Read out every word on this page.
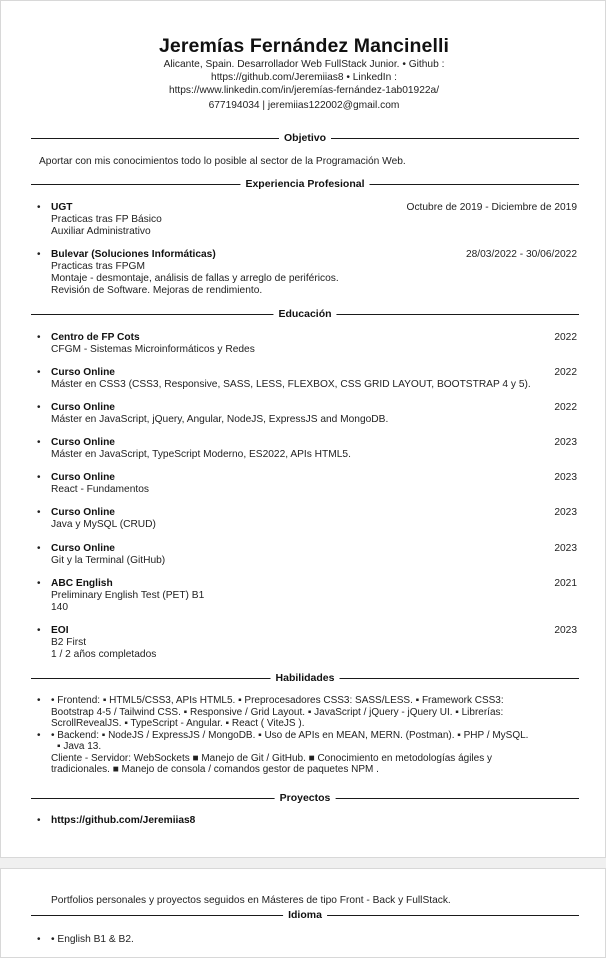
Jeremías Fernández Mancinelli
Alicante, Spain. Desarrollador Web FullStack Junior. • Github :
https://github.com/Jeremiias8 • LinkedIn :
https://www.linkedin.com/in/jeremías-fernández-1ab01922a/
677194034 | jeremiias122002@gmail.com
Objetivo
Aportar con mis conocimientos todo lo posible al sector de la Programación Web.
Experiencia Profesional
• UGT	Octubre de 2019 - Diciembre de 2019
Practicas tras FP Básico
Auxiliar Administrativo
• Bulevar (Soluciones Informáticas)	28/03/2022 - 30/06/2022
Practicas tras FPGM
Montaje - desmontaje, análisis de fallas y arreglo de periféricos.
Revisión de Software. Mejoras de rendimiento.
Educación
• Centro de FP Cots	2022
CFGM - Sistemas Microinformáticos y Redes
• Curso Online	2022
Máster en CSS3 (CSS3, Responsive, SASS, LESS, FLEXBOX, CSS GRID LAYOUT, BOOTSTRAP 4 y 5).
• Curso Online	2022
Máster en JavaScript, jQuery, Angular, NodeJS, ExpressJS and MongoDB.
• Curso Online	2023
Máster en JavaScript, TypeScript Moderno, ES2022, APIs HTML5.
• Curso Online	2023
React - Fundamentos
• Curso Online	2023
Java y MySQL (CRUD)
• Curso Online	2023
Git y la Terminal (GitHub)
• ABC English	2021
Preliminary English Test (PET) B1
140
• EOI	2023
B2 First
1 / 2 años completados
Habilidades
•
•

• Frontend: ▪ HTML5/CSS3, APIs HTML5. ▪ Preprocesadores CSS3: SASS/LESS. ▪ Framework CSS3:

Bootstrap 4-5 / Tailwind CSS. ▪ Responsive / Grid Layout. ▪ JavaScript / jQuery - jQuery UI. ▪ Librerías:

ScrollRevealJS. ▪ TypeScript - Angular. ▪ React ( ViteJS ).

• Backend: ▪ NodeJS / ExpressJS / MongoDB. ▪ Uso de APIs en MEAN, MERN. (Postman). ▪ PHP / MySQL.

▪ Java 13.

Cliente - Servidor: WebSockets ■ Manejo de Git / GitHub. ■ Conocimiento en metodologías ágiles y

tradicionales. ■ Manejo de consola / comandos gestor de paquetes NPM .

Proyectos
• https://github.com/Jeremiias8
Portfolios personales y proyectos seguidos en Másteres de tipo Front - Back y FullStack.
Idioma
• • English B1 & B2.
